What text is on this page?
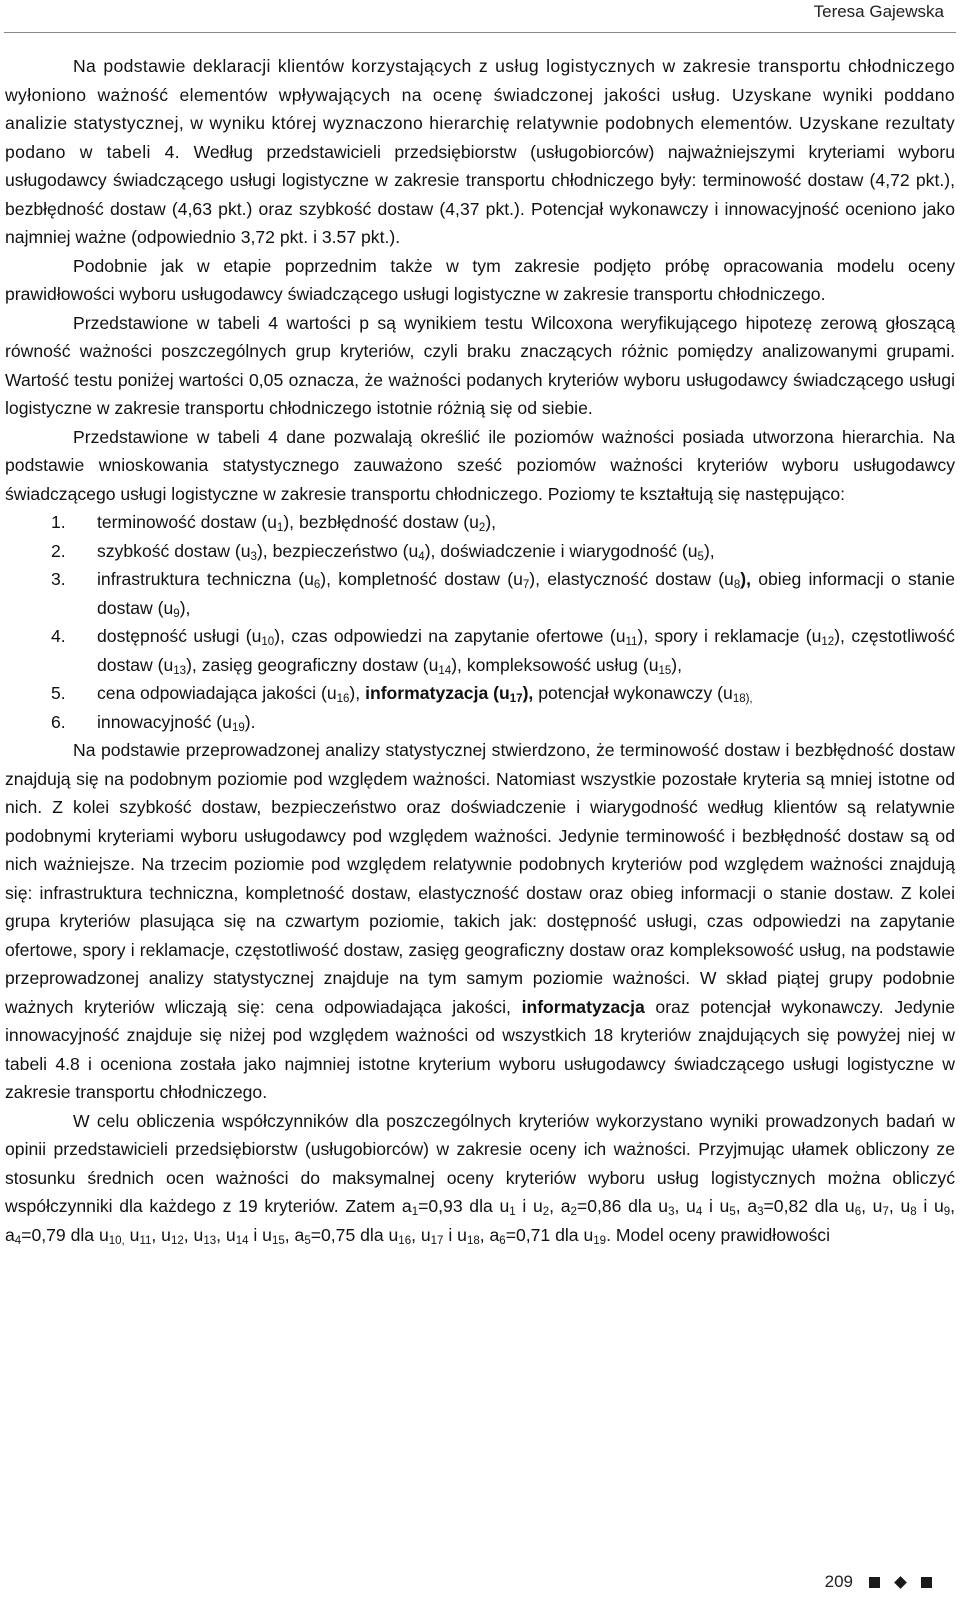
Teresa Gajewska

Na podstawie deklaracji klientów korzystających z usług logistycznych w zakresie transportu chłodniczego wyłoniono ważność elementów wpływających na ocenę świadczonej jakości usług. Uzyskane wyniki poddano analizie statystycznej, w wyniku której wyznaczono hierarchię relatywnie podobnych elementów. Uzyskane rezultaty podano w tabeli 4. Według przedstawicieli przedsiębiorstw (usługobiorców) najważniejszymi kryteriami wyboru usługodawcy świadczącego usługi logistyczne w zakresie transportu chłodniczego były: terminowość dostaw (4,72 pkt.), bezbłędność dostaw (4,63 pkt.) oraz szybkość dostaw (4,37 pkt.). Potencjał wykonawczy i innowacyjność oceniono jako najmniej ważne (odpowiednio 3,72 pkt. i 3.57 pkt.).

Podobnie jak w etapie poprzednim także w tym zakresie podjęto próbę opracowania modelu oceny prawidłowości wyboru usługodawcy świadczącego usługi logistyczne w zakresie transportu chłodniczego.

Przedstawione w tabeli 4 wartości p są wynikiem testu Wilcoxona weryfikującego hipotezę zerową głoszącą równość ważności poszczególnych grup kryteriów, czyli braku znaczących różnic pomiędzy analizowanymi grupami. Wartość testu poniżej wartości 0,05 oznacza, że ważności podanych kryteriów wyboru usługodawcy świadczącego usługi logistyczne w zakresie transportu chłodniczego istotnie różnią się od siebie.

Przedstawione w tabeli 4 dane pozwalają określić ile poziomów ważności posiada utworzona hierarchia. Na podstawie wnioskowania statystycznego zauważono sześć poziomów ważności kryteriów wyboru usługodawcy świadczącego usługi logistyczne w zakresie transportu chłodniczego. Poziomy te kształtują się następująco:

1. terminowość dostaw $(u_1)$, bezbłędność dostaw $(u_2)$,
2. szybkość dostaw $(u_3)$, bezpieczeństwo $(u_4)$, doświadczenie i wiarygodność $(u_5)$,
3. infrastruktura techniczna $(u_6)$, kompletność dostaw $(u_7)$, elastyczność dostaw $(u_8)$, obieg informacji o stanie dostaw $(u_9)$,
4. dostępność usługi $(u_{10})$, czas odpowiedzi na zapytanie ofertowe $(u_{11})$, spory i reklamacje $(u_{12})$, częstotliwość dostaw $(u_{13})$, zasięg geograficzny dostaw $(u_{14})$, kompleksowość usług $(u_{15})$,
5. cena odpowiadająca jakości $(u_{16})$, informatyzacja $(u_{17})$, potencjał wykonawczy ($u_{18),}$
6. innowacyjność $(u_{19})$.

Na podstawie przeprowadzonej analizy statystycznej stwierdzono, że terminowość dostaw i bezbłędność dostaw znajdują się na podobnym poziomie pod względem ważności. Natomiast wszystkie pozostałe kryteria są mniej istotne od nich. Z kolei szybkość dostaw, bezpieczeństwo oraz doświadczenie i wiarygodność według klientów są relatywnie podobnymi kryteriami wyboru usługodawcy pod względem ważności. Jedynie terminowość i bezbłędność dostaw są od nich ważniejsze. Na trzecim poziomie pod względem relatywnie podobnych kryteriów pod względem ważności znajdują się: infrastruktura techniczna, kompletność dostaw, elastyczność dostaw oraz obieg informacji o stanie dostaw. Z kolei grupa kryteriów plasująca się na czwartym poziomie, takich jak: dostępność usługi, czas odpowiedzi na zapytanie ofertowe, spory i reklamacje, częstotliwość dostaw, zasięg geograficzny dostaw oraz kompleksowość usług, na podstawie przeprowadzonej analizy statystycznej znajduje na tym samym poziomie ważności. W skład piątej grupy podobnie ważnych kryteriów wliczają się: cena odpowiadająca jakości, informatyzacja oraz potencjał wykonawczy. Jedynie innowacyjność znajduje się niżej pod względem ważności od wszystkich 18 kryteriów znajdujących się powyżej niej w tabeli 4.8 i oceniona została jako najmniej istotne kryterium wyboru usługodawcy świadczącego usługi logistyczne w zakresie transportu chłodniczego.

W celu obliczenia współczynników dla poszczególnych kryteriów wykorzystano wyniki prowadzonych badań w opinii przedstawicieli przedsiębiorstw (usługobiorców) w zakresie oceny ich ważności. Przyjmując ułamek obliczony ze stosunku średnich ocen ważności do maksymalnej oceny kryteriów wyboru usług logistycznych można obliczyć współczynniki dla każdego z 19 kryteriów. Zatem $a_1=0,93$ dla $u_1$ i $u_2$, $a_2=0,86$ dla $u_3$, $u_4$ i $u_5$, $a_3=0,82$ dla $u_6$, $u_7$, $u_8$ i $u_9$, $a_4=0,79$ dla $u_{10,}$ $u_{11}$, $u_{12}$, $u_{13}$, $u_{14}$ i $u_{15}$, $a_5=0,75$ dla $u_{16}$, $u_{17}$ i $u_{18}$, $a_6=0,71$ dla $u_{19}$. Model oceny prawidłowości

209
